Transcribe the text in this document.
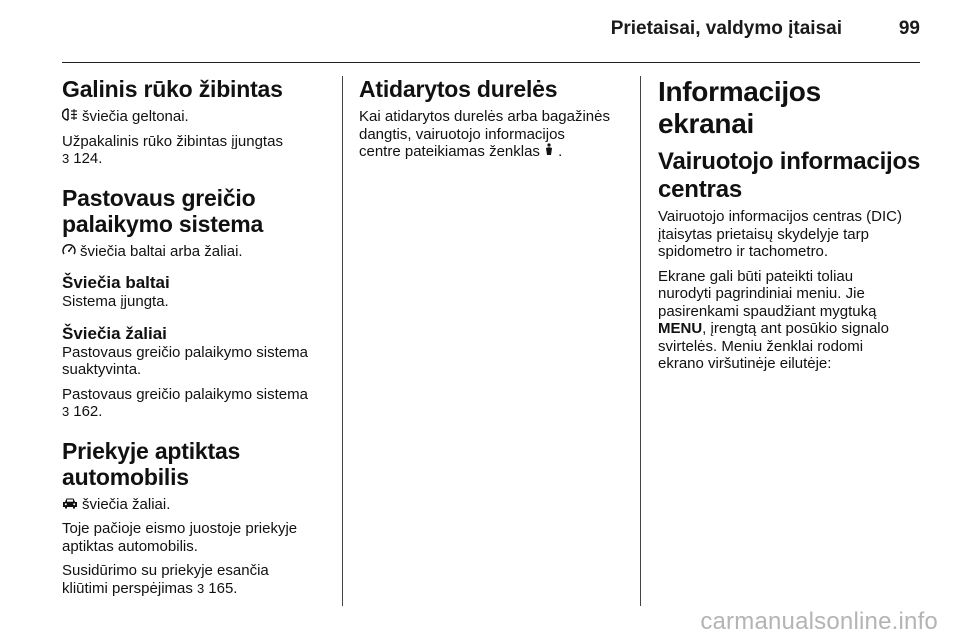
Prietaisai, valdymo įtaisai	99
Galinis rūko žibintas

šviečia geltonai.

Užpakalinis rūko žibintas įjungtas
3 124.

Pastovaus greičio
palaikymo sistema

šviečia baltai arba žaliai.

Šviečia baltai

Sistema įjungta.

Šviečia žaliai

Pastovaus greičio palaikymo sistema
suaktyvinta.

Pastovaus greičio palaikymo sistema
3 162.

Priekyje aptiktas
automobilis

šviečia žaliai.

Toje pačioje eismo juostoje priekyje
aptiktas automobilis.

Susidūrimo su priekyje esančia
kliūtimi perspėjimas 3 165.

Atidarytos durelės

Kai atidarytos durelės arba bagažinės
dangtis, vairuotojo informacijos
centre pateikiamas ženklas .

Informacijos ekranai
Vairuotojo informacijos
centras

Vairuotojo informacijos centras (DIC)
įtaisytas prietaisų skydelyje tarp
spidometro ir tachometro.

Ekrane gali būti pateikti toliau
nurodyti pagrindiniai meniu. Jie
pasirenkami spaudžiant mygtuką
MENU, įrengtą ant posūkio signalo
svirtelės. Meniu ženklai rodomi
ekrano viršutinėje eilutėje:

carmanualsonline.info
